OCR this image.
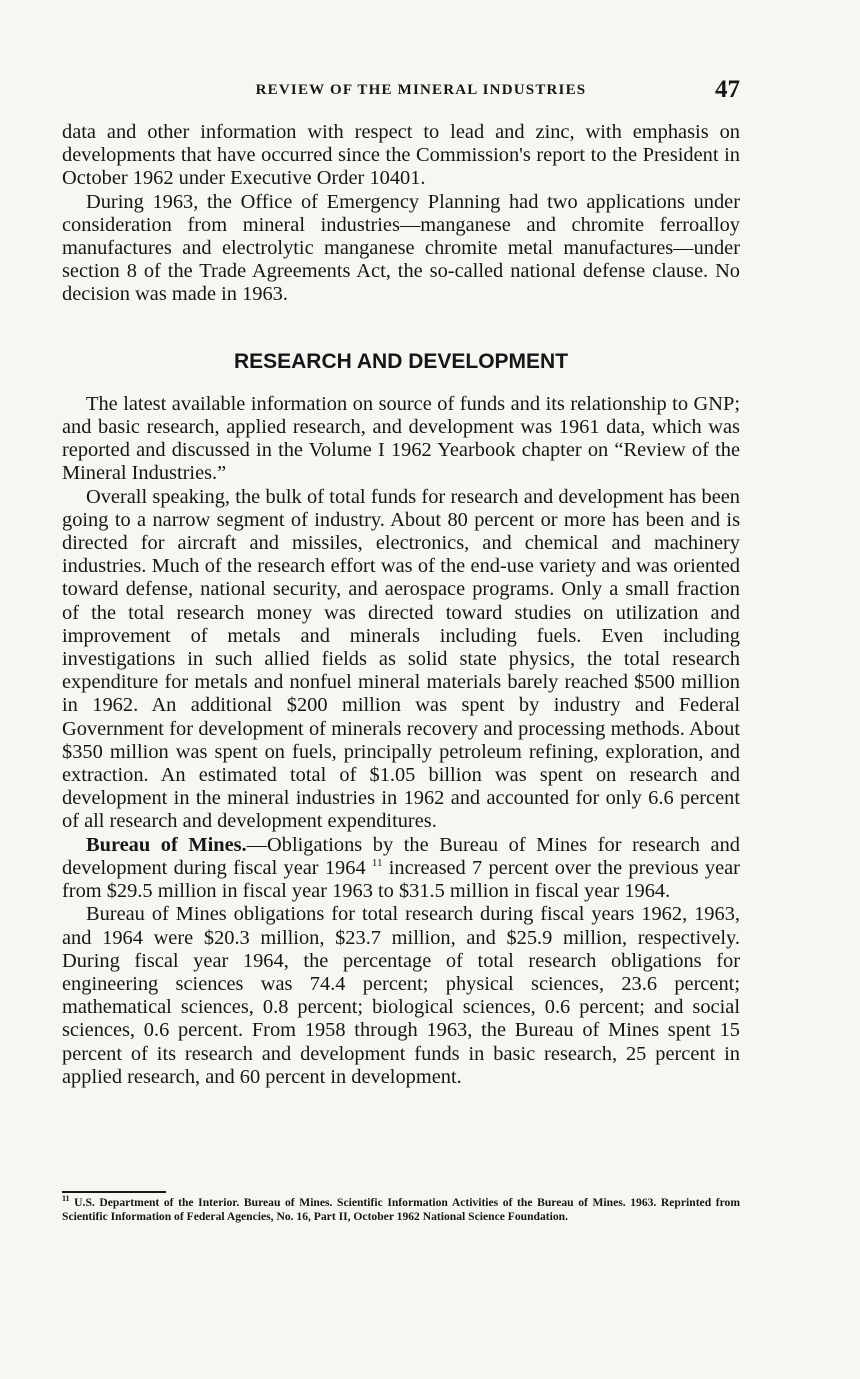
REVIEW OF THE MINERAL INDUSTRIES	47

data and other information with respect to lead and zinc, with emphasis on developments that have occurred since the Commission's report to the President in October 1962 under Executive Order 10401.

During 1963, the Office of Emergency Planning had two applications under consideration from mineral industries—manganese and chromite ferroalloy manufactures and electrolytic manganese chromite metal manufactures—under section 8 of the Trade Agreements Act, the so-called national defense clause. No decision was made in 1963.

RESEARCH AND DEVELOPMENT

The latest available information on source of funds and its relationship to GNP; and basic research, applied research, and development was 1961 data, which was reported and discussed in the Volume I 1962 Yearbook chapter on “Review of the Mineral Industries.”

Overall speaking, the bulk of total funds for research and development has been going to a narrow segment of industry. About 80 percent or more has been and is directed for aircraft and missiles, electronics, and chemical and machinery industries. Much of the research effort was of the end-use variety and was oriented toward defense, national security, and aerospace programs. Only a small fraction of the total research money was directed toward studies on utilization and improvement of metals and minerals including fuels. Even including investigations in such allied fields as solid state physics, the total research expenditure for metals and nonfuel mineral materials barely reached $500 million in 1962. An additional $200 million was spent by industry and Federal Government for development of minerals recovery and processing methods. About $350 million was spent on fuels, principally petroleum refining, exploration, and extraction. An estimated total of $1.05 billion was spent on research and development in the mineral industries in 1962 and accounted for only 6.6 percent of all research and development expenditures.

Bureau of Mines.—Obligations by the Bureau of Mines for research and development during fiscal year 1964 $^{11}$ increased 7 percent over the previous year from $29.5 million in fiscal year 1963 to $31.5 million in fiscal year 1964.

Bureau of Mines obligations for total research during fiscal years 1962, 1963, and 1964 were $20.3 million, $23.7 million, and $25.9 million, respectively. During fiscal year 1964, the percentage of total research obligations for engineering sciences was 74.4 percent; physical sciences, 23.6 percent; mathematical sciences, 0.8 percent; biological sciences, 0.6 percent; and social sciences, 0.6 percent. From 1958 through 1963, the Bureau of Mines spent 15 percent of its research and development funds in basic research, 25 percent in applied research, and 60 percent in development.

$^{11}$ U.S. Department of the Interior. Bureau of Mines. Scientific Information Activities of the Bureau of Mines. 1963. Reprinted from Scientific Information of Federal Agencies, No. 16, Part II, October 1962 National Science Foundation.
